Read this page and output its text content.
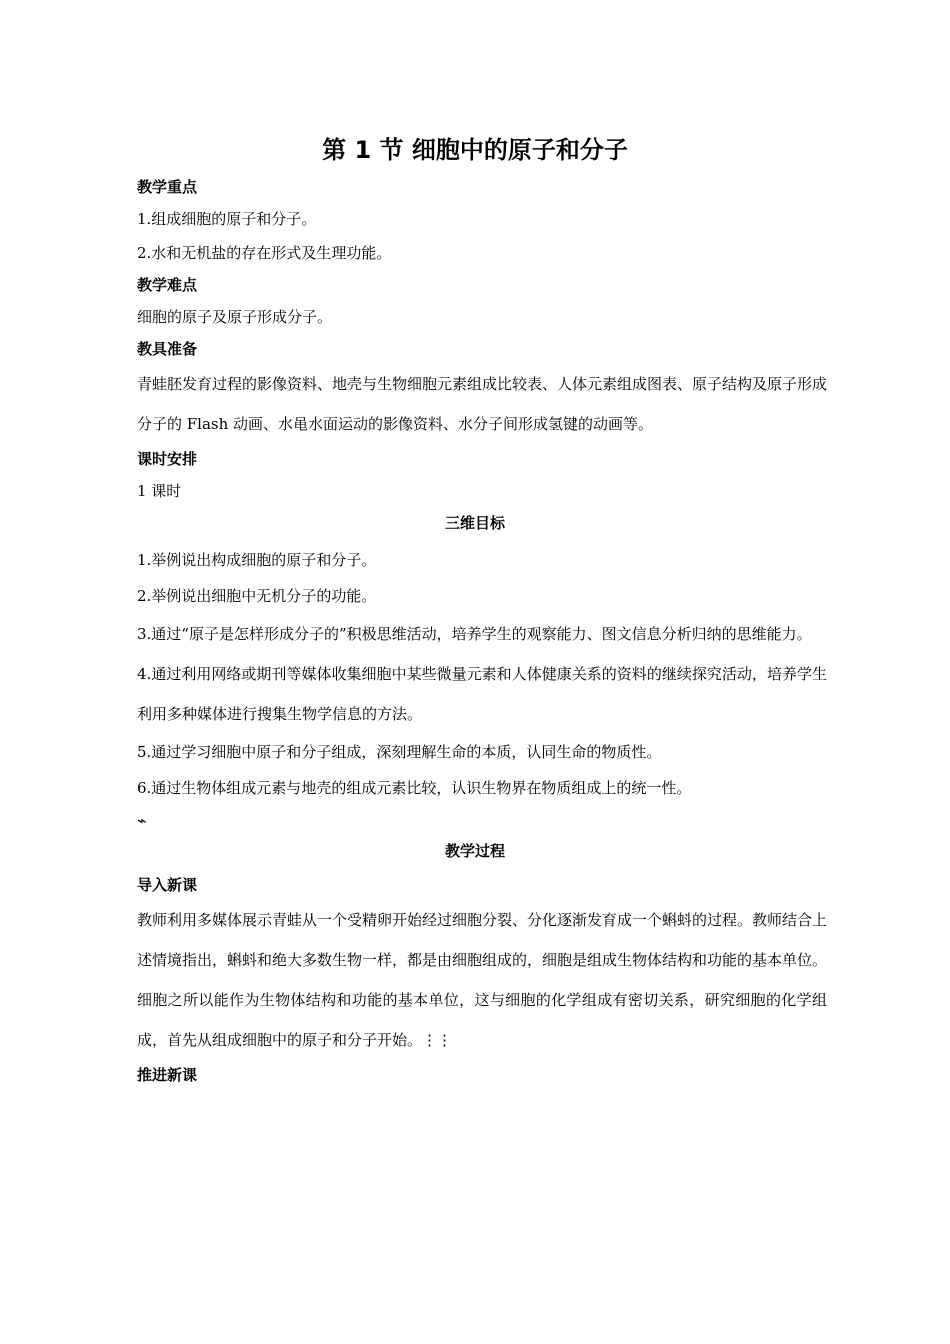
第 1 节 细胞中的原子和分子
教学重点
1.组成细胞的原子和分子。
2.水和无机盐的存在形式及生理功能。
教学难点
细胞的原子及原子形成分子。
教具准备
青蛙胚发育过程的影像资料、地壳与生物细胞元素组成比较表、人体元素组成图表、原子结构及原子形成分子的 Flash 动画、水黾水面运动的影像资料、水分子间形成氢键的动画等。
课时安排
1 课时
三维目标
1.举例说出构成细胞的原子和分子。
2.举例说出细胞中无机分子的功能。
3.通过“原子是怎样形成分子的”积极思维活动，培养学生的观察能力、图文信息分析归纳的思维能力。
4.通过利用网络或期刊等媒体收集细胞中某些微量元素和人体健康关系的资料的继续探究活动，培养学生利用多种媒体进行搜集生物学信息的方法。
5.通过学习细胞中原子和分子组成，深刻理解生命的本质，认同生命的物质性。
6.通过生物体组成元素与地壳的组成元素比较，认识生物界在物质组成上的统一性。
⌁
教学过程
导入新课
教师利用多媒体展示青蛙从一个受精卵开始经过细胞分裂、分化逐渐发育成一个蝌蚪的过程。教师结合上述情境指出，蝌蚪和绝大多数生物一样，都是由细胞组成的，细胞是组成生物体结构和功能的基本单位。细胞之所以能作为生物体结构和功能的基本单位，这与细胞的化学组成有密切关系，研究细胞的化学组成，首先从组成细胞中的原子和分子开始。⋮⋮
推进新课
